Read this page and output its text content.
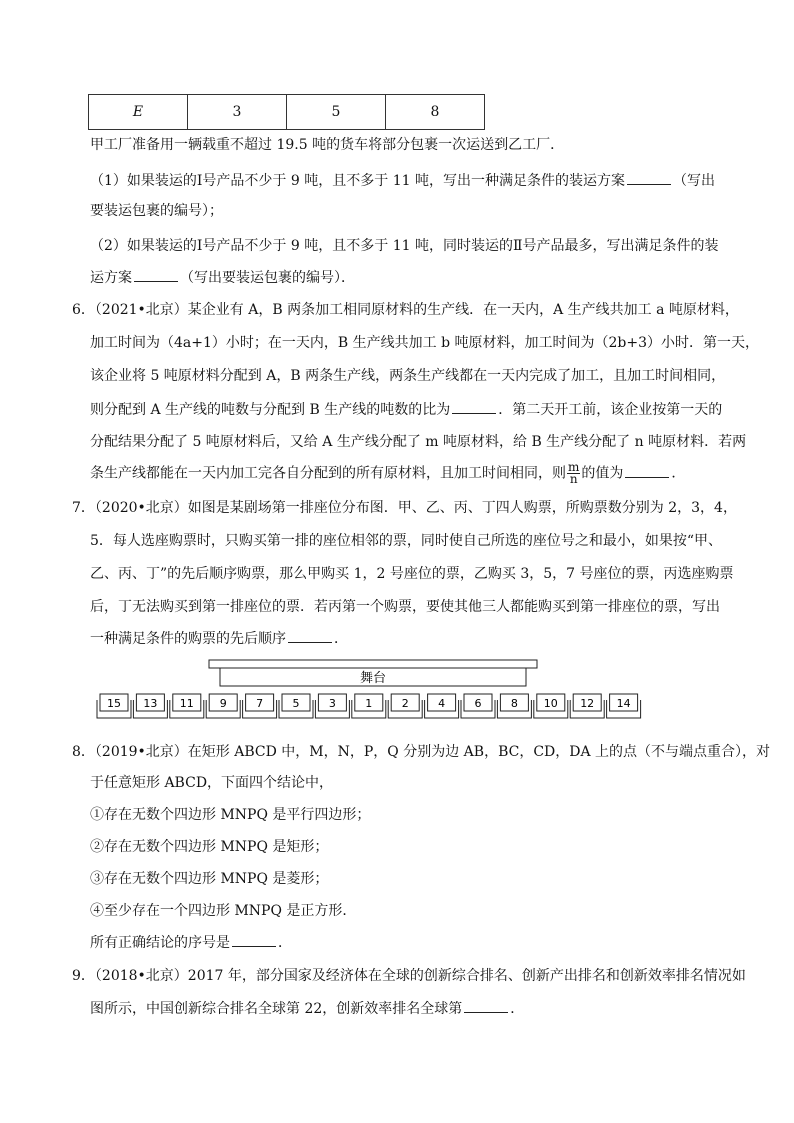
E	3	5	8
甲工厂准备用一辆载重不超过 19.5 吨的货车将部分包裹一次运送到乙工厂．
（1）如果装运的Ⅰ号产品不少于 9 吨，且不多于 11 吨，写出一种满足条件的装运方案	（写出
要装运包裹的编号）；
（2）如果装运的Ⅰ号产品不少于 9 吨，且不多于 11 吨，同时装运的Ⅱ号产品最多，写出满足条件的装
运方案	（写出要装运包裹的编号）．
6．（2021•北京）某企业有 A，B 两条加工相同原材料的生产线．在一天内，A 生产线共加工 a 吨原材料，
加工时间为（4a+1）小时；在一天内，B 生产线共加工 b 吨原材料，加工时间为（2b+3）小时．第一天，
该企业将 5 吨原材料分配到 A，B 两条生产线，两条生产线都在一天内完成了加工，且加工时间相同，
则分配到 A 生产线的吨数与分配到 B 生产线的吨数的比为	．第二天开工前，该企业按第一天的
分配结果分配了 5 吨原材料后，又给 A 生产线分配了 m 吨原材料，给 B 生产线分配了 n 吨原材料．若两
条生产线都能在一天内加工完各自分配到的所有原材料，且加工时间相同，则 $\frac{m}{n}$ 的值为	．
7．（2020•北京）如图是某剧场第一排座位分布图．甲、乙、丙、丁四人购票，所购票数分别为 2，3，4，
5．每人选座购票时，只购买第一排的座位相邻的票，同时使自己所选的座位号之和最小，如果按“甲、
乙、丙、丁”的先后顺序购票，那么甲购买 1，2 号座位的票，乙购买 3，5，7 号座位的票，丙选座购票
后，丁无法购买到第一排座位的票．若丙第一个购票，要使其他三人都能购买到第一排座位的票，写出
一种满足条件的购票的先后顺序	．
舞台
15 13 11 9	7	5	3	1	2	4	6	8 10 12 14
8．（2019•北京）在矩形 ABCD 中，M，N，P，Q 分别为边 AB，BC，CD，DA 上的点（不与端点重合），对
于任意矩形 ABCD，下面四个结论中，
①存在无数个四边形 MNPQ 是平行四边形；
②存在无数个四边形 MNPQ 是矩形；
③存在无数个四边形 MNPQ 是菱形；
④至少存在一个四边形 MNPQ 是正方形．
所有正确结论的序号是	．
9．（2018•北京）2017 年，部分国家及经济体在全球的创新综合排名、创新产出排名和创新效率排名情况如
图所示，中国创新综合排名全球第 22，创新效率排名全球第	．
